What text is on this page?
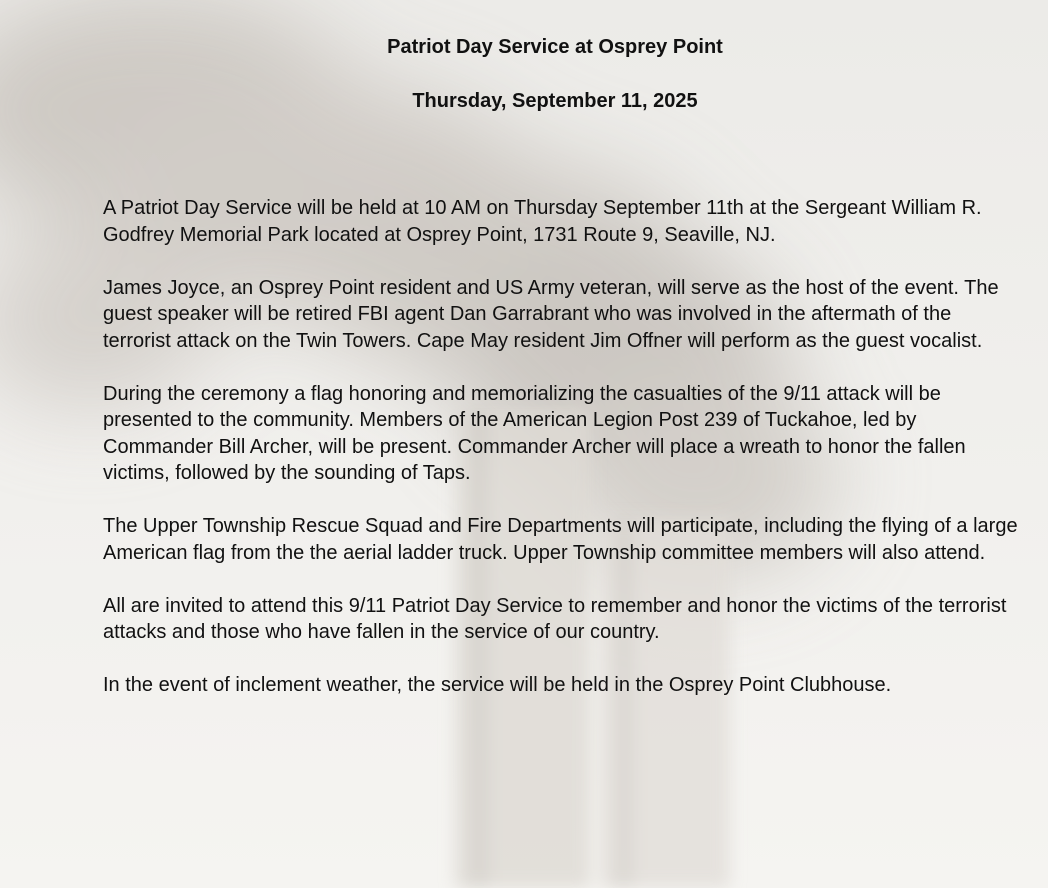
Patriot Day Service at Osprey Point
Thursday, September 11, 2025

A Patriot Day Service will be held at 10 AM on Thursday September 11th at the Sergeant William R. Godfrey Memorial Park located at Osprey Point, 1731 Route 9, Seaville, NJ.

James Joyce, an Osprey Point resident and US Army veteran, will serve as the host of the event. The guest speaker will be retired FBI agent Dan Garrabrant who was involved in the aftermath of the terrorist attack on the Twin Towers. Cape May resident Jim Offner will perform as the guest vocalist.

During the ceremony a flag honoring and memorializing the casualties of the 9/11 attack will be presented to the community. Members of the American Legion Post 239 of Tuckahoe, led by Commander Bill Archer, will be present. Commander Archer will place a wreath to honor the fallen victims, followed by the sounding of Taps.

The Upper Township Rescue Squad and Fire Departments will participate, including the flying of a large American flag from the the aerial ladder truck. Upper Township committee members will also attend.

All are invited to attend this 9/11 Patriot Day Service to remember and honor the victims of the terrorist attacks and those who have fallen in the service of our country.

In the event of inclement weather, the service will be held in the Osprey Point Clubhouse.
